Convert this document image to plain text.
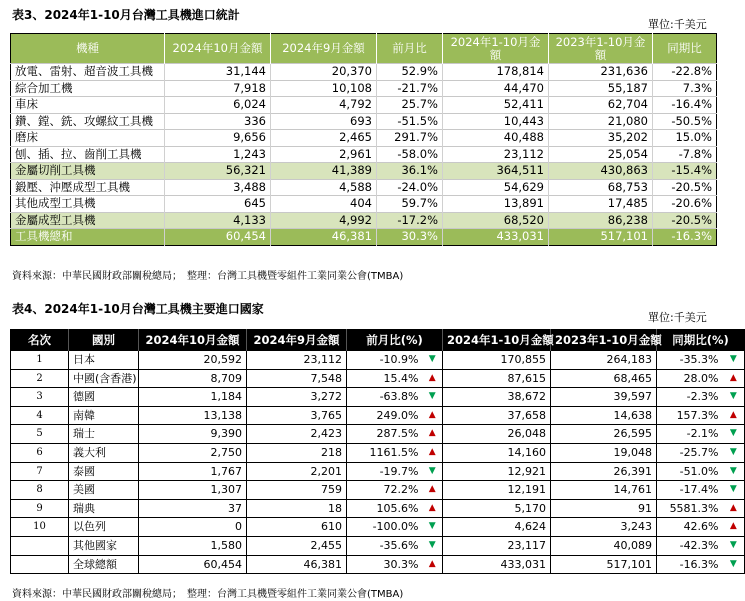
表3、2024年1-10月台灣工具機進口統計
單位:千美元
機種	2024年10月金額	2024年9月金額	前月比	2024年1-10月金額	2023年1-10月金額	同期比
放電、雷射、超音波工具機	31,144	20,370	52.9%	178,814	231,636	-22.8%
綜合加工機	7,918	10,108	-21.7%	44,470	55,187	7.3%
車床	6,024	4,792	25.7%	52,411	62,704	-16.4%
鑽、鏜、銑、攻螺紋工具機	336	693	-51.5%	10,443	21,080	-50.5%
磨床	9,656	2,465	291.7%	40,488	35,202	15.0%
刨、插、拉、齒削工具機	1,243	2,961	-58.0%	23,112	25,054	-7.8%
金屬切削工具機	56,321	41,389	36.1%	364,511	430,863	-15.4%
鍛壓、沖壓成型工具機	3,488	4,588	-24.0%	54,629	68,753	-20.5%
其他成型工具機	645	404	59.7%	13,891	17,485	-20.6%
金屬成型工具機	4,133	4,992	-17.2%	68,520	86,238	-20.5%
工具機總和	60,454	46,381	30.3%	433,031	517,101	-16.3%
資料來源：中華民國財政部關稅總局；　整理：台灣工具機暨零組件工業同業公會(TMBA)
表4、2024年1-10月台灣工具機主要進口國家
單位:千美元
名次	國別	2024年10月金額	2024年9月金額	前月比(%)		2024年1-10月金額	2023年1-10月金額	同期比(%)	
1	日本	20,592	23,112	-10.9%	▼	170,855	264,183	-35.3%	▼
2	中國(含香港)	8,709	7,548	15.4%	▲	87,615	68,465	28.0%	▲
3	德國	1,184	3,272	-63.8%	▼	38,672	39,597	-2.3%	▼
4	南韓	13,138	3,765	249.0%	▲	37,658	14,638	157.3%	▲
5	瑞士	9,390	2,423	287.5%	▲	26,048	26,595	-2.1%	▼
6	義大利	2,750	218	1161.5%	▲	14,160	19,048	-25.7%	▼
7	泰國	1,767	2,201	-19.7%	▼	12,921	26,391	-51.0%	▼
8	美國	1,307	759	72.2%	▲	12,191	14,761	-17.4%	▼
9	瑞典	37	18	105.6%	▲	5,170	91	5581.3%	▲
10	以色列	0	610	-100.0%	▼	4,624	3,243	42.6%	▲
	其他國家	1,580	2,455	-35.6%	▼	23,117	40,089	-42.3%	▼
	全球總額	60,454	46,381	30.3%	▲	433,031	517,101	-16.3%	▼
資料來源：中華民國財政部關稅總局；　整理：台灣工具機暨零組件工業同業公會(TMBA)
